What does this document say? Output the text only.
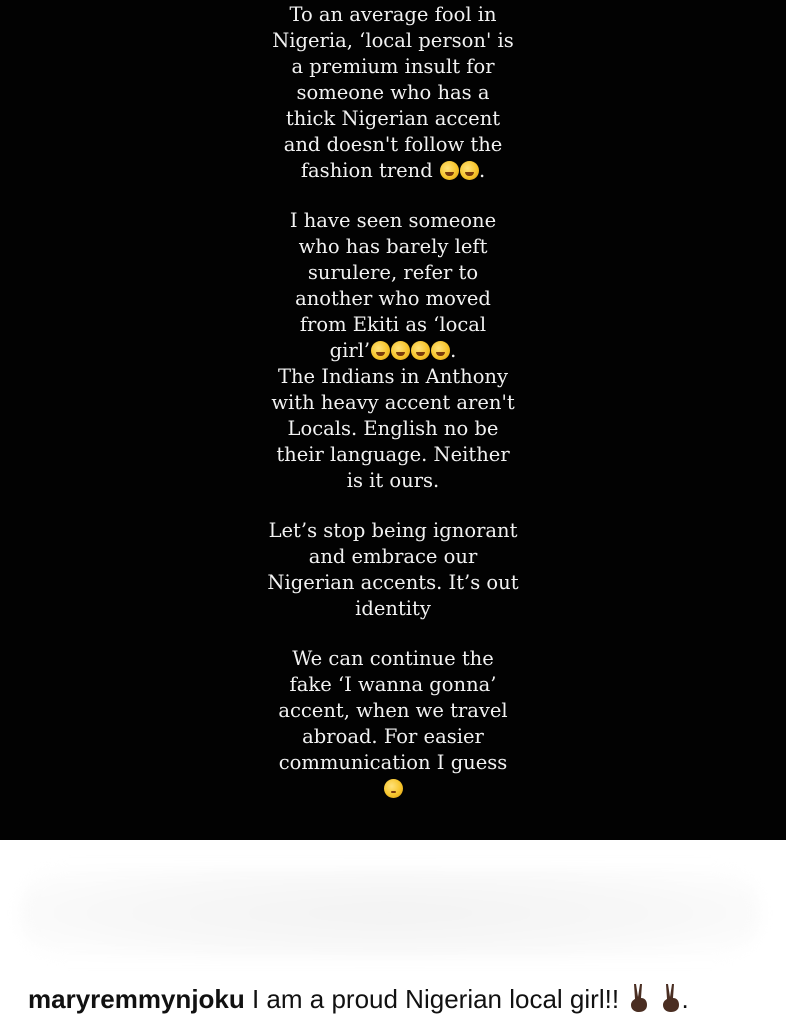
To an average fool in
Nigeria, ‘local person' is
a premium insult for
someone who has a
thick Nigerian accent
and doesn't follow the
fashion trend .
I have seen someone
who has barely left
surulere, refer to
another who moved
from Ekiti as ‘local
girl’	.
The Indians in Anthony
with heavy accent aren't
Locals. English no be
their language. Neither
is it ours.
Let’s stop being ignorant
and embrace our
Nigerian accents. It’s out
identity
We can continue the
fake ‘I wanna gonna’
accent, when we travel
abroad. For easier
communication I guess
maryremmynjoku I am a proud Nigerian local girl!! .
